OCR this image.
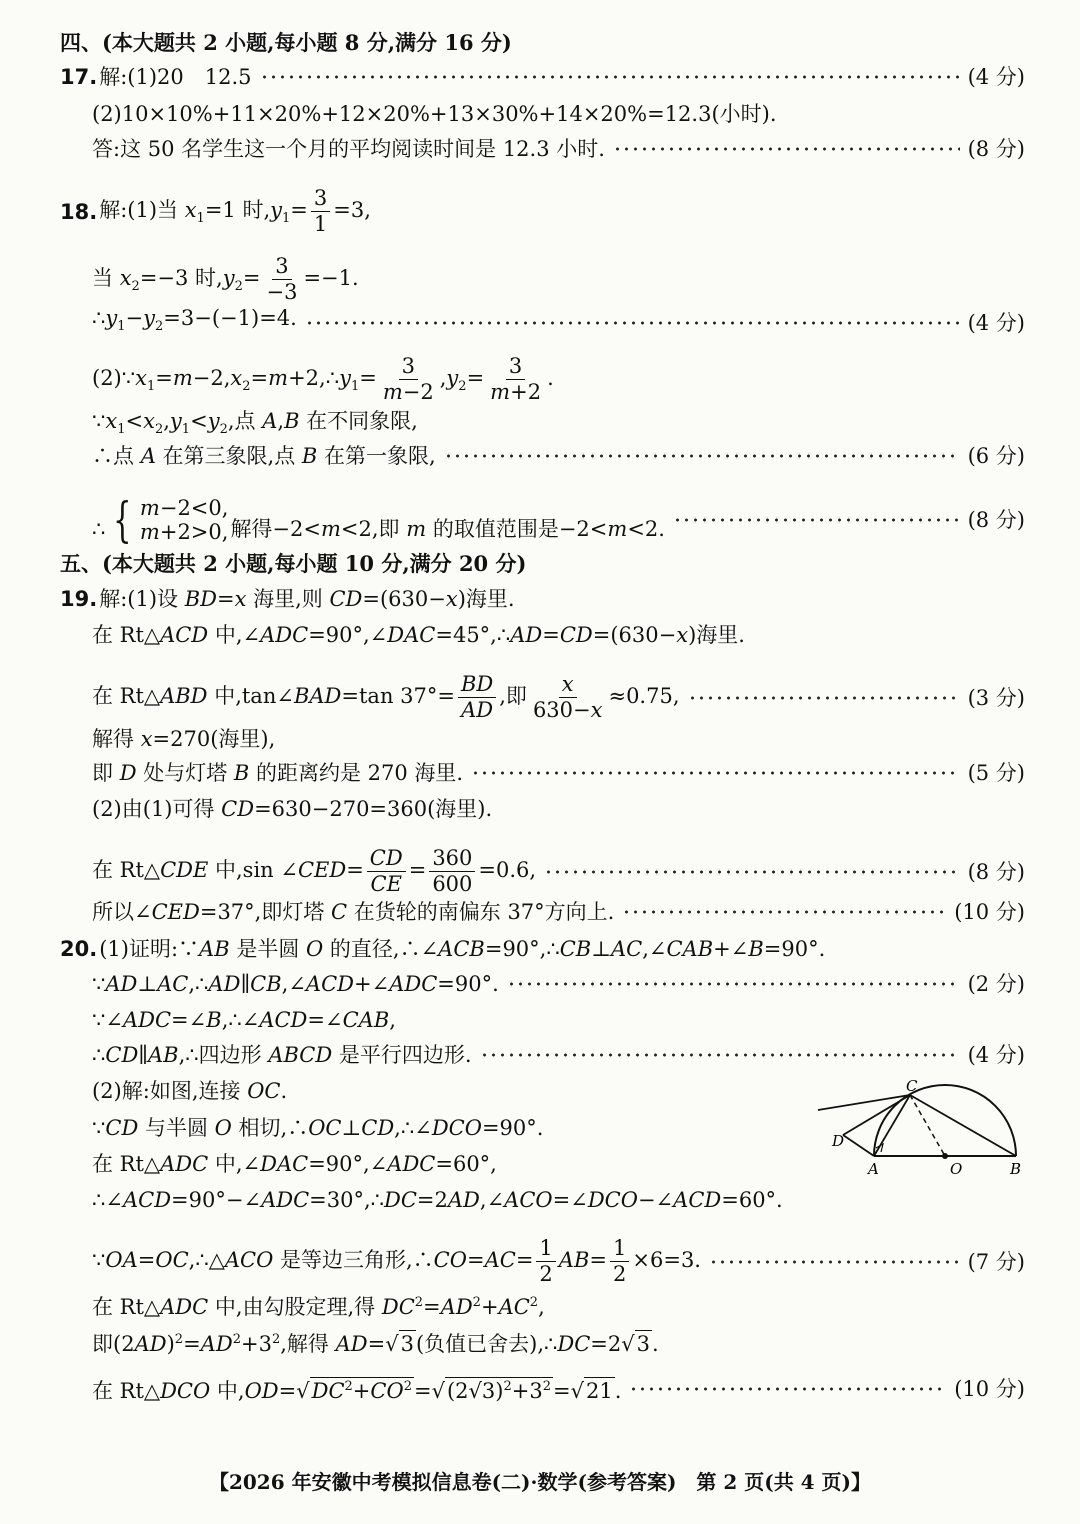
四、(本大题共 2 小题,每小题 8 分,满分 16 分)
17. 解:(1)20　12.5	(4 分)
(2)10×10%+11×20%+12×20%+13×30%+14×20%=12.3(小时).
答:这 50 名学生这一个月的平均阅读时间是 12.3 小时.	(8 分)
18. 解:(1)当 $x_1=1$ 时$,y_1= \frac{3}{1} =3$,
当 $x_2=-3$ 时$,y_2= \frac{3}{-3} =-1$.
$\therefore y_1-y_2=3-(-1)=4$.	(4 分)
$(2)\because x_1=m-2,x_2=m+2,\therefore y_1= \frac{3}{m-2} ,y_2= \frac{3}{m+2}$ .
$\because x_1<x_2,y_1<y_2$,点 A,B 在不同象限,
∴点 A 在第三象限,点 B 在第一象限,	(6 分)
∴ { m−2<0,
m+2>0, 解得−2<m<2,即 m 的取值范围是−2<m<2.	(8 分)
五、(本大题共 2 小题,每小题 10 分,满分 20 分)
19. 解:(1)设 BD=x 海里,则 CD=(630−x)海里.
在 Rt△ACD 中,∠ADC=90°,∠DAC=45°,∴AD=CD=(630−x)海里.
在 Rt△ABD 中,tan∠BAD=tan $37^\circ= \frac{BD}{AD}$ ,即 $\frac{x}{630-x} \approx 0.75$,	(3 分)
解得 x=270(海里),
即 D 处与灯塔 B 的距离约是 270 海里.	(5 分)
(2)由(1)可得 CD=630−270=360(海里).
在 Rt△CDE 中,sin ∠CED= $\frac{CD}{CE} = \frac{360}{600} =0.6$,	(8 分)
所以∠CED=37°,即灯塔 C 在货轮的南偏东 37°方向上.	(10 分)
20. (1)证明:∵AB 是半圆 O 的直径,∴∠ACB=90°,∴CB⊥AC,∠CAB+∠B=90°.
∵AD⊥AC,∴AD∥CB,∠ACD+∠ADC=90°.	(2 分)
∵∠ADC=∠B,∴∠ACD=∠CAB,
∴CD∥AB,∴四边形 ABCD 是平行四边形.	(4 分)
(2)解:如图,连接 OC.
∵CD 与半圆 O 相切,∴OC⊥CD,∴∠DCO=90°.
在 Rt△ADC 中,∠DAC=90°,∠ADC=60°,
∴∠ACD=90°−∠ADC=30°,∴DC=2AD,∠ACO=∠DCO−∠ACD=60°.
∵OA=OC,∴△ACO 是等边三角形,∴CO=AC= $\frac{1}{2} AB= \frac{1}{2} \times 6=3$.	(7 分)
在 Rt△ADC 中,由勾股定理,得 $DC^2=AD^2+AC^2$,
即$(2AD)^2=AD^2+3^2$,解得 AD=√3(负值已舍去),∴DC=2√3.
在 Rt△DCO 中$,OD=√DC^2+CO^2=√(2√3)^2+3^2=√21$.	(10 分)
C
D
A	O	B
【2026 年安徽中考模拟信息卷(二)·数学(参考答案)　第 2 页(共 4 页)】
